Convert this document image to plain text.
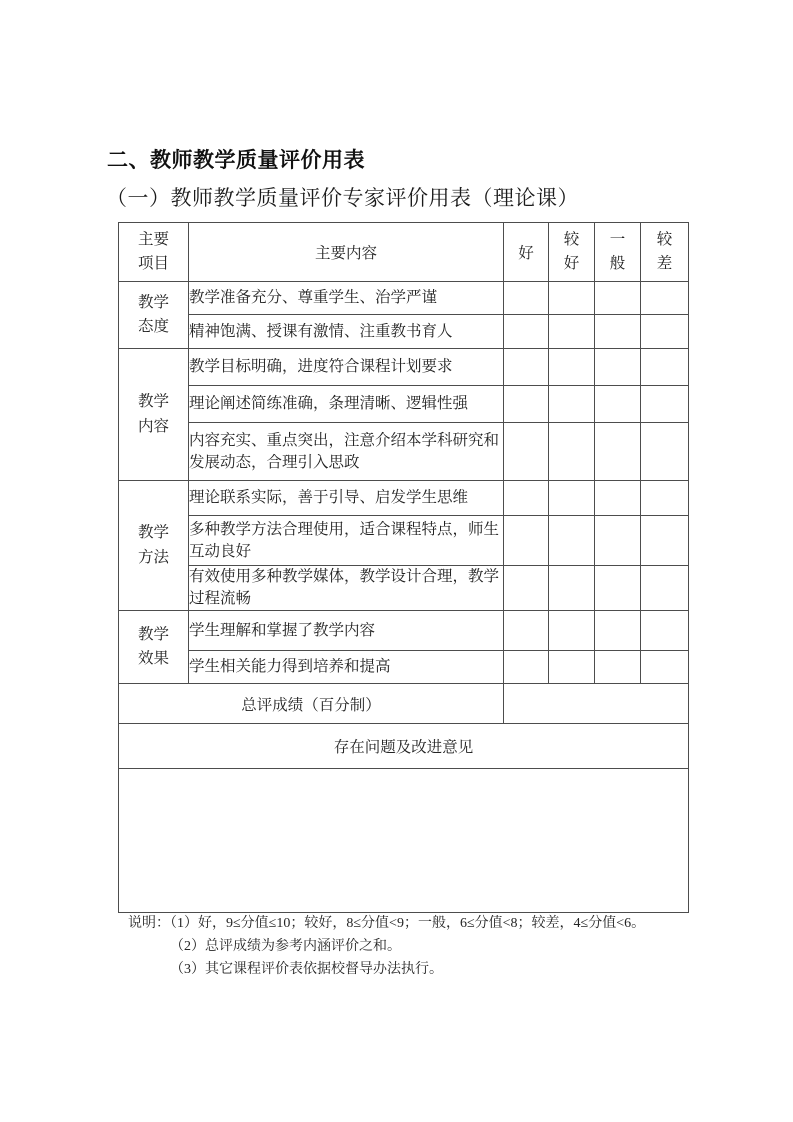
二、教师教学质量评价用表
（一）教师教学质量评价专家评价用表（理论课）
主要项目	主要内容	好	较好	一般	较差
教学态度	教学准备充分、尊重学生、治学严谨				
	精神饱满、授课有激情、注重教书育人				
教学内容	教学目标明确，进度符合课程计划要求				
	理论阐述简练准确，条理清晰、逻辑性强				
	内容充实、重点突出，注意介绍本学科研究和发展动态，合理引入思政				
教学方法	理论联系实际，善于引导、启发学生思维				
	多种教学方法合理使用，适合课程特点，师生互动良好				
	有效使用多种教学媒体，教学设计合理，教学过程流畅				
教学效果	学生理解和掌握了教学内容				
	学生相关能力得到培养和提高				
总评成绩（百分制）					
存在问题及改进意见					

说明：（1）好，9≤分值≤10；较好，8≤分值<9；一般，6≤分值<8；较差，4≤分值<6。
（2）总评成绩为参考内涵评价之和。
（3）其它课程评价表依据校督导办法执行。
